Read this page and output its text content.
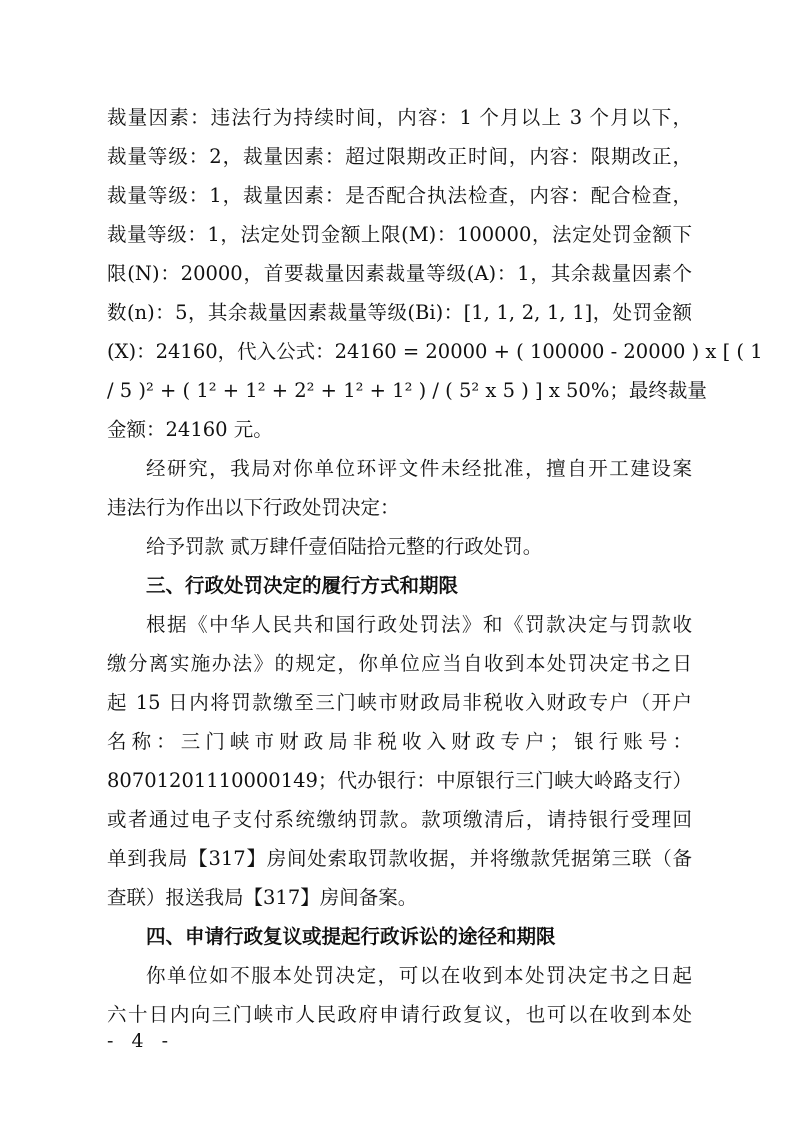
裁量因素：违法行为持续时间，内容：1 个月以上 3 个月以下，
裁量等级：2，裁量因素：超过限期改正时间，内容：限期改正，
裁量等级：1，裁量因素：是否配合执法检查，内容：配合检查，
裁量等级：1，法定处罚金额上限(M)：100000，法定处罚金额下
限(N)：20000，首要裁量因素裁量等级(A)：1，其余裁量因素个
数(n)：5，其余裁量因素裁量等级(Bi)：[1, 1, 2, 1, 1]，处罚金额
(X)：24160，代入公式：24160 = 20000 + ( 100000 - 20000 ) x [ ( 1
/ 5 )² + ( 1² + 1² + 2² + 1² + 1² ) / ( 5² x 5 ) ] x 50%；最终裁量
金额：24160 元。
经研究，我局对你单位环评文件未经批准，擅自开工建设案
违法行为作出以下行政处罚决定：
给予罚款 贰万肆仟壹佰陆拾元整的行政处罚。
三、行政处罚决定的履行方式和期限
根据《中华人民共和国行政处罚法》和《罚款决定与罚款收
缴分离实施办法》的规定，你单位应当自收到本处罚决定书之日
起 15 日内将罚款缴至三门峡市财政局非税收入财政专户（开户
名称：三门峡市财政局非税收入财政专户；银行账号：
80701201110000149；代办银行：中原银行三门峡大岭路支行）
或者通过电子支付系统缴纳罚款。款项缴清后，请持银行受理回
单到我局【317】房间处索取罚款收据，并将缴款凭据第三联（备
查联）报送我局【317】房间备案。
四、申请行政复议或提起行政诉讼的途径和期限
你单位如不服本处罚决定，可以在收到本处罚决定书之日起
六十日内向三门峡市人民政府申请行政复议，也可以在收到本处
- 4 -
